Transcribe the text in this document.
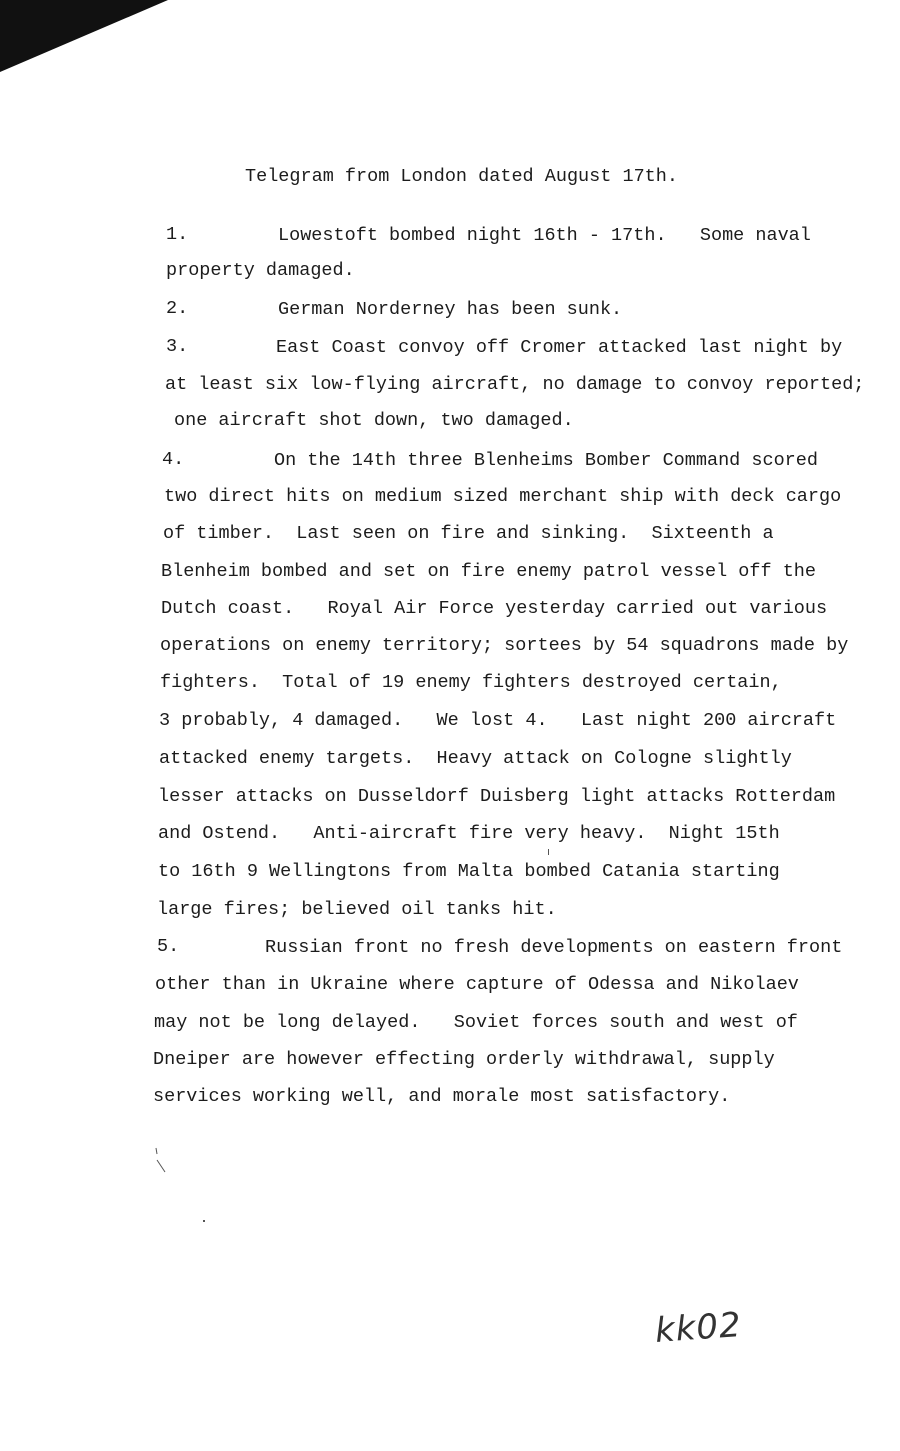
Telegram from London dated August 17th.
1.	Lowestoft bombed night 16th - 17th.   Some naval
property damaged.
2.	German Norderney has been sunk.
3.	East Coast convoy off Cromer attacked last night by
at least six low-flying aircraft, no damage to convoy reported;
one aircraft shot down, two damaged.
4.	On the 14th three Blenheims Bomber Command scored
two direct hits on medium sized merchant ship with deck cargo
of timber.  Last seen on fire and sinking.  Sixteenth a
Blenheim bombed and set on fire enemy patrol vessel off the
Dutch coast.   Royal Air Force yesterday carried out various
operations on enemy territory; sortees by 54 squadrons made by
fighters.  Total of 19 enemy fighters destroyed certain,
3 probably, 4 damaged.   We lost 4.   Last night 200 aircraft
attacked enemy targets.  Heavy attack on Cologne slightly
lesser attacks on Dusseldorf Duisberg light attacks Rotterdam
and Ostend.   Anti-aircraft fire very heavy.  Night 15th
to 16th 9 Wellingtons from Malta bombed Catania starting
large fires; believed oil tanks hit.
5.	Russian front no fresh developments on eastern front
other than in Ukraine where capture of Odessa and Nikolaev
may not be long delayed.   Soviet forces south and west of
Dneiper are however effecting orderly withdrawal, supply
services working well, and morale most satisfactory.
kk02
